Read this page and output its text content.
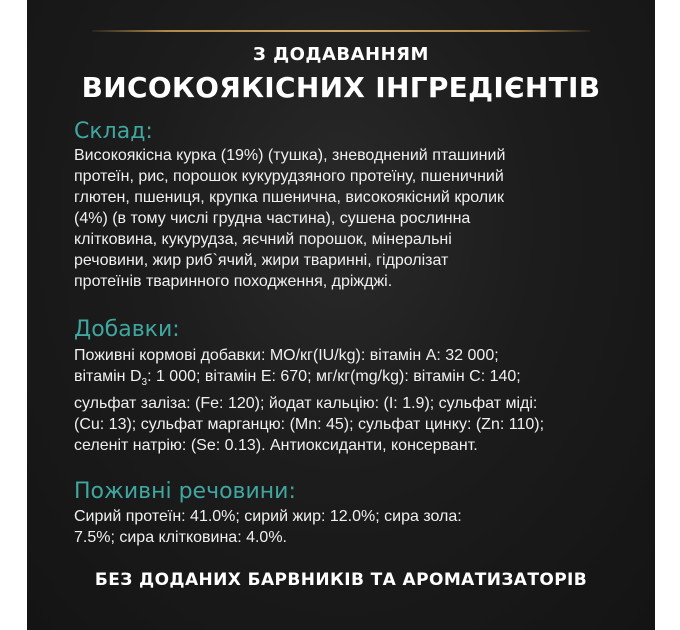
З ДОДАВАННЯМ
ВИСОКОЯКІСНИХ ІНГРЕДІЄНТІВ
Склад:
Високоякісна курка (19%) (тушка), зневоднений пташиний
протеїн, рис, порошок кукурудзяного протеїну, пшеничний
глютен, пшениця, крупка пшенична, високоякісний кролик
(4%) (в тому числі грудна частина), сушена рослинна
клітковина, кукурудза, яєчний порошок, мінеральні
речовини, жир риб`ячий, жири тваринні, гідролізат
протеїнів тваринного походження, дріжджі.
Добавки:
Поживні кормові добавки: МО/кг(IU/kg): вітамін А: 32 000;
вітамін $D_3$: 1 000; вітамін Е: 670; мг/кг(mg/kg): вітамін С: 140;
сульфат заліза: (Fe: 120); йодат кальцію: (I: 1.9); сульфат міді:
(Cu: 13); сульфат марганцю: (Mn: 45); сульфат цинку: (Zn: 110);
селеніт натрію: (Se: 0.13). Антиоксиданти, консервант.
Поживні речовини:
Сирий протеїн: 41.0%; сирий жир: 12.0%; сира зола:
7.5%; сира клітковина: 4.0%.
БЕЗ ДОДАНИХ БАРВНИКІВ ТА АРОМАТИЗАТОРІВ
